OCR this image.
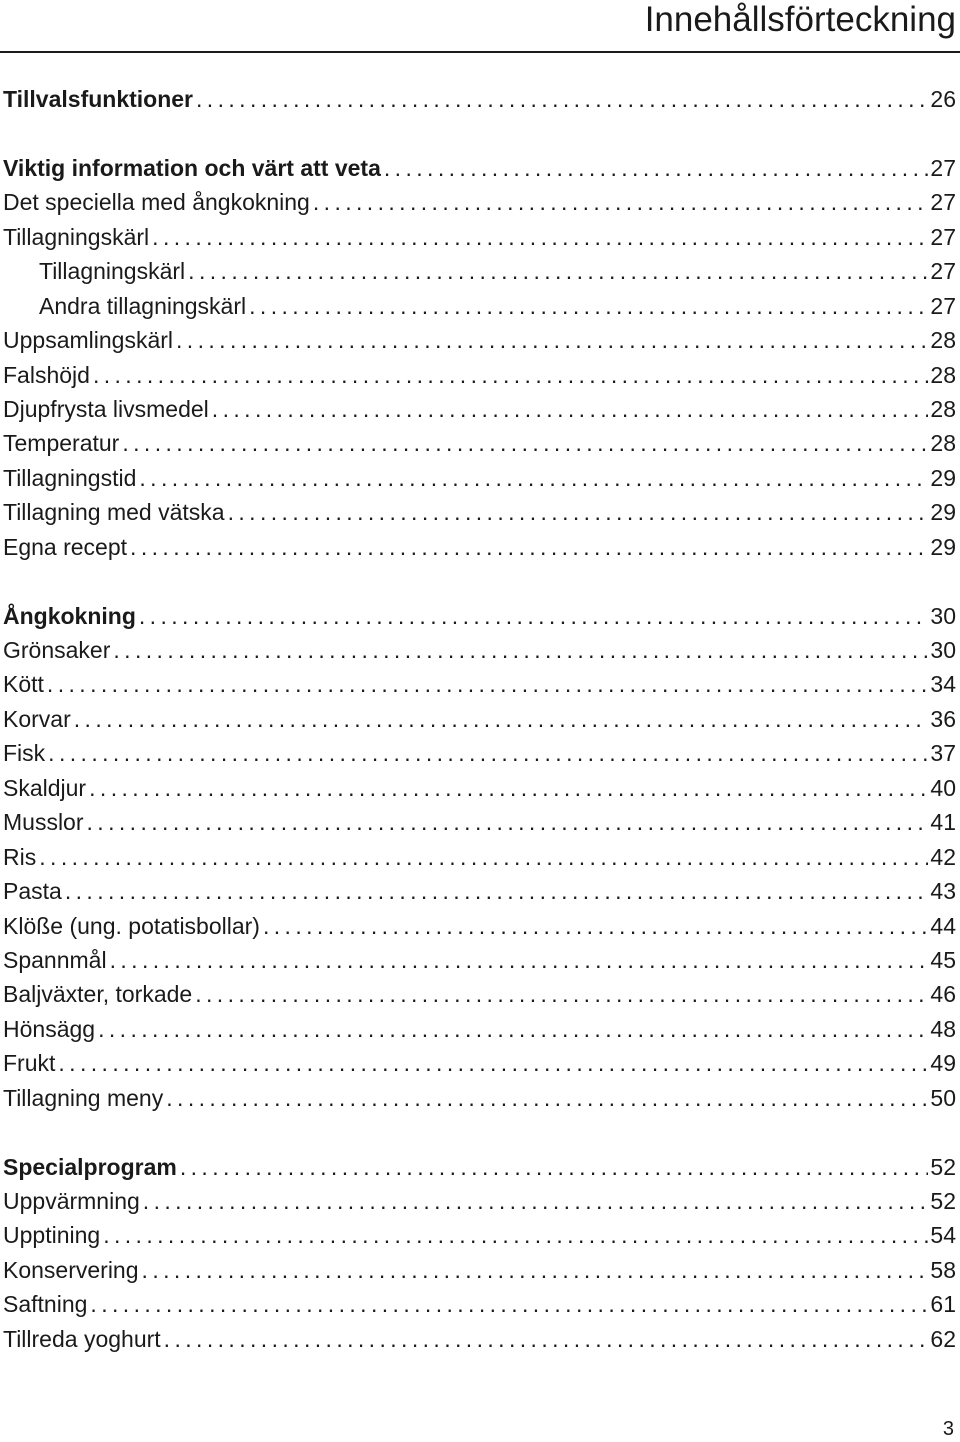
Innehållsförteckning
Tillvalsfunktioner .....	26
Viktig information och värt att veta .....	27
Det speciella med ångkokning .....	27
Tillagningskärl .....	27
Tillagningskärl .....	27
Andra tillagningskärl .....	27
Uppsamlingskärl .....	28
Falshöjd .....	28
Djupfrysta livsmedel .....	28
Temperatur .....	28
Tillagningstid .....	29
Tillagning med vätska .....	29
Egna recept .....	29
Ångkokning .....	30
Grönsaker .....	30
Kött .....	34
Korvar .....	36
Fisk .....	37
Skaldjur .....	40
Musslor .....	41
Ris .....	42
Pasta .....	43
Klöße (ung. potatisbollar) .....	44
Spannmål .....	45
Baljväxter, torkade .....	46
Hönsägg .....	48
Frukt .....	49
Tillagning meny .....	50
Specialprogram .....	52
Uppvärmning .....	52
Upptining .....	54
Konservering .....	58
Saftning .....	61
Tillreda yoghurt .....	62
3
